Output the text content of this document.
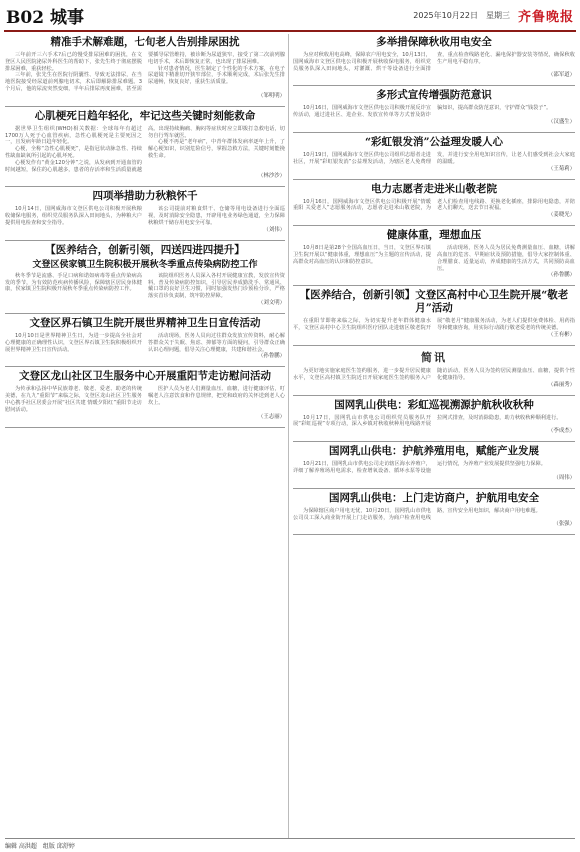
B02 城事	2025年10月22日 星期三 齐鲁晚报
精准手术解难题，七旬老人告别排尿困扰

三年前开三六手术?后已的慢受排尿困难的困扰，在文登区人民医院泌尿外科医生的帮助下，张先生终于彻底摆脱排尿困难，重获轻松。

三年前，张先生在医院行阴囊性、导致无法排尿，在当地医院接受经尿道前列腺电切术，术后即解除排尿难题。3个月后，他的尿流突然变细，半年后排尿再度困难，甚至需要插导尿管维持，被诊断为尿道狭窄，接受了第二次前列腺电切手术，术后即恢复正常，也出现了排尿困难。

针对患者情况，医生制定了个性化的手术方案，在电子尿道镜下精准切开狭窄部位，手术顺利完成，术后张先生排尿通畅，恢复良好，重获生活质量。

（邹明明）
心肌梗死日趋年轻化，牢记这些关键时刻能救命

据世界卫生组织(WHO)相关数据：全球每年有超过1700万人死于心血管疾病，急性心肌梗死是主要死因之一，且发病年龄日趋年轻化。

心梗，全称“急性心肌梗死”，是指冠状动脉急性、持续性缺血缺氧所引起的心肌坏死。

心梗发作有“黄金120分钟”之说，从发病到开通血管的时间越短，保住的心肌越多，患者的存活率和生活质量就越高。出现持续胸痛、胸闷等症状时应立即拨打急救电话，切勿自行驾车就医。

心梗不再是“老年病”，中青年群体发病率逐年上升，了解心梗知识，识别危险信号，掌握急救方法，关键时刻能挽救生命。

（林沙沙）
四项举措助力秋粮怀千

10月14日，国网威海市文登区供电公司积极开展秋粮收储保电服务，组织党员服务队深入田间地头，为种粮大户提供用电检查和安全指导。

该公司提前对粮食烘干、仓储等用电设备进行全面巡视，及时消除安全隐患，开辟用电业务绿色通道，全力保障秋粮烘干储存用电安全可靠。

（刘伟）
【医养结合，创新引领，四送四进四提升】
文登区侯家镇卫生院积极开展秋冬季重点传染病防控工作

秋冬季节是流感、手足口病和诺如病毒等重点传染病高发的季节，为有效防范疾病传播风险，保障辖区居民身体健康，侯家镇卫生院积极开展秋冬季重点传染病防控工作。

该院组织医务人员深入各村开展健康宣教，发放宣传资料，普及传染病防控知识，引导居民养成勤洗手、常通风、戴口罩的良好卫生习惯，同时加强发热门诊预检分诊，严格落实首诊负责制，筑牢防控屏障。

（刘文明）
文登区界石镇卫生院开展世界精神卫生日宣传活动

10月10日是世界精神卫生日，为进一步提高全社会对心理健康的正确理性认识，文登区界石镇卫生院积极组织开展世界精神卫生日宣传活动。

活动现场，医务人员向过往群众发放宣传资料，耐心解答群众关于失眠、焦虑、抑郁等方面的疑问，引导群众正确认识心理问题，倡导关注心理健康，共建和谐社会。

（孙鲁鹏）
文登区龙山社区卫生服务中心开展重阳节走访慰问活动

为传承和弘扬中华民族尊老、敬老、爱老、助老的传统美德，在九九“重阳节”来临之际，文登区龙山社区卫生服务中心携手社区居委会开展“社区共建 情暖夕阳红”重阳节走访慰问活动。

医护人员为老人们测量血压、血糖，进行健康评估，叮嘱老人注意饮食和作息规律，把党和政府的关怀送到老人心坎上。

（王志丽）
多举措保障秋收用电安全

为应对秋收用电高峰，保障农户用电安全，10月13日，国网威海市文登区供电公司积极开展秋收保电服务，组织党员服务队深入田间地头，对灌溉、烘干等设备进行全面排查，重点检查线路老化、漏电保护器安装等情况，确保秋收生产用电平稳有序。

（邵军道）
多形式宣传增强防范意识

10月16日，国网威海市文登区供电公司积极开展反诈宣传活动，通过进社区、进企业、发放宣传单等方式普及防诈骗知识，提高群众防范意识，守护群众“钱袋子”。

（汉盛生）
“彩虹银发消”公益理发暖人心

10月19日，国网威海市文登区供电公司组织志愿者走进社区，开展“彩虹银发消”公益理发活动，为辖区老人免费理发，并进行安全用电知识宣传，让老人们感受到社会大家庭的温暖。

（王菊莉）
电力志愿者走进米山敬老院

10月16日，国网威海市文登区供电公司积极开展“情暖重阳 关爱老人”志愿服务活动，志愿者走进米山敬老院，为老人们检查用电线路、更换老化插座，排除用电隐患，并陪老人们聊天，送去节日祝福。

（姜晓光）
健康体重，理想血压

10月8日是第28个全国高血压日，当日，文登区界石镇卫生院开展以“健康体重，理想血压”为主题的宣传活动，提高群众对高血压的认识和防控意识。

活动现场，医务人员为居民免费测量血压、血糖，讲解高血压的危害、早期症状及预防措施，倡导大家控制体重、合理膳食、适量运动，养成健康的生活方式，共同预防高血压。

（孙鲁鹏）
【医养结合，创新引领】文登区高村中心卫生院开展“敬老月”活动

在重阳节即将来临之际，为切实提升老年群体健康水平，文登区高村中心卫生院组织医疗团队走进辖区敬老院开展“敬老月”健康服务活动，为老人们提供免费体检、用药指导和健康咨询，用实际行动践行敬老爱老的传统美德。

（王有彬）
简讯

为更好地实施家庭医生签约服务，进一步提升居民健康水平，文登区高村镇卫生院近日开展家庭医生签约服务入户随访活动，医务人员为签约居民测量血压、血糖，提供个性化健康指导。

（森丽秀）
国网乳山供电：彩虹巡视溯源护航秋收秋种

10月17日，国网乳山市供电公司组织党员服务队开展“彩虹巡视”专项行动，深入乡镇对秋收秋种用电线路开展拉网式排查，及时消除隐患，助力秋收秋种顺利进行。

（李成杰）
国网乳山供电：护航养殖用电，赋能产业发展

10月21日，国网乳山市供电公司走访辖区海水养殖户，详细了解养殖场用电需求，检查增氧设备、循环水泵等设施运行情况，为养殖产业发展提供坚强电力保障。

（周伟）
国网乳山供电：上门走访商户，护航用电安全

为保障辖区商户用电无忧，10月20日，国网乳山市供电公司员工深入商业街开展上门走访服务，为商户检查用电线路，宣传安全用电知识，解决商户用电难题。

（张强）
编辑 高洪超　组版 邱舒婷
